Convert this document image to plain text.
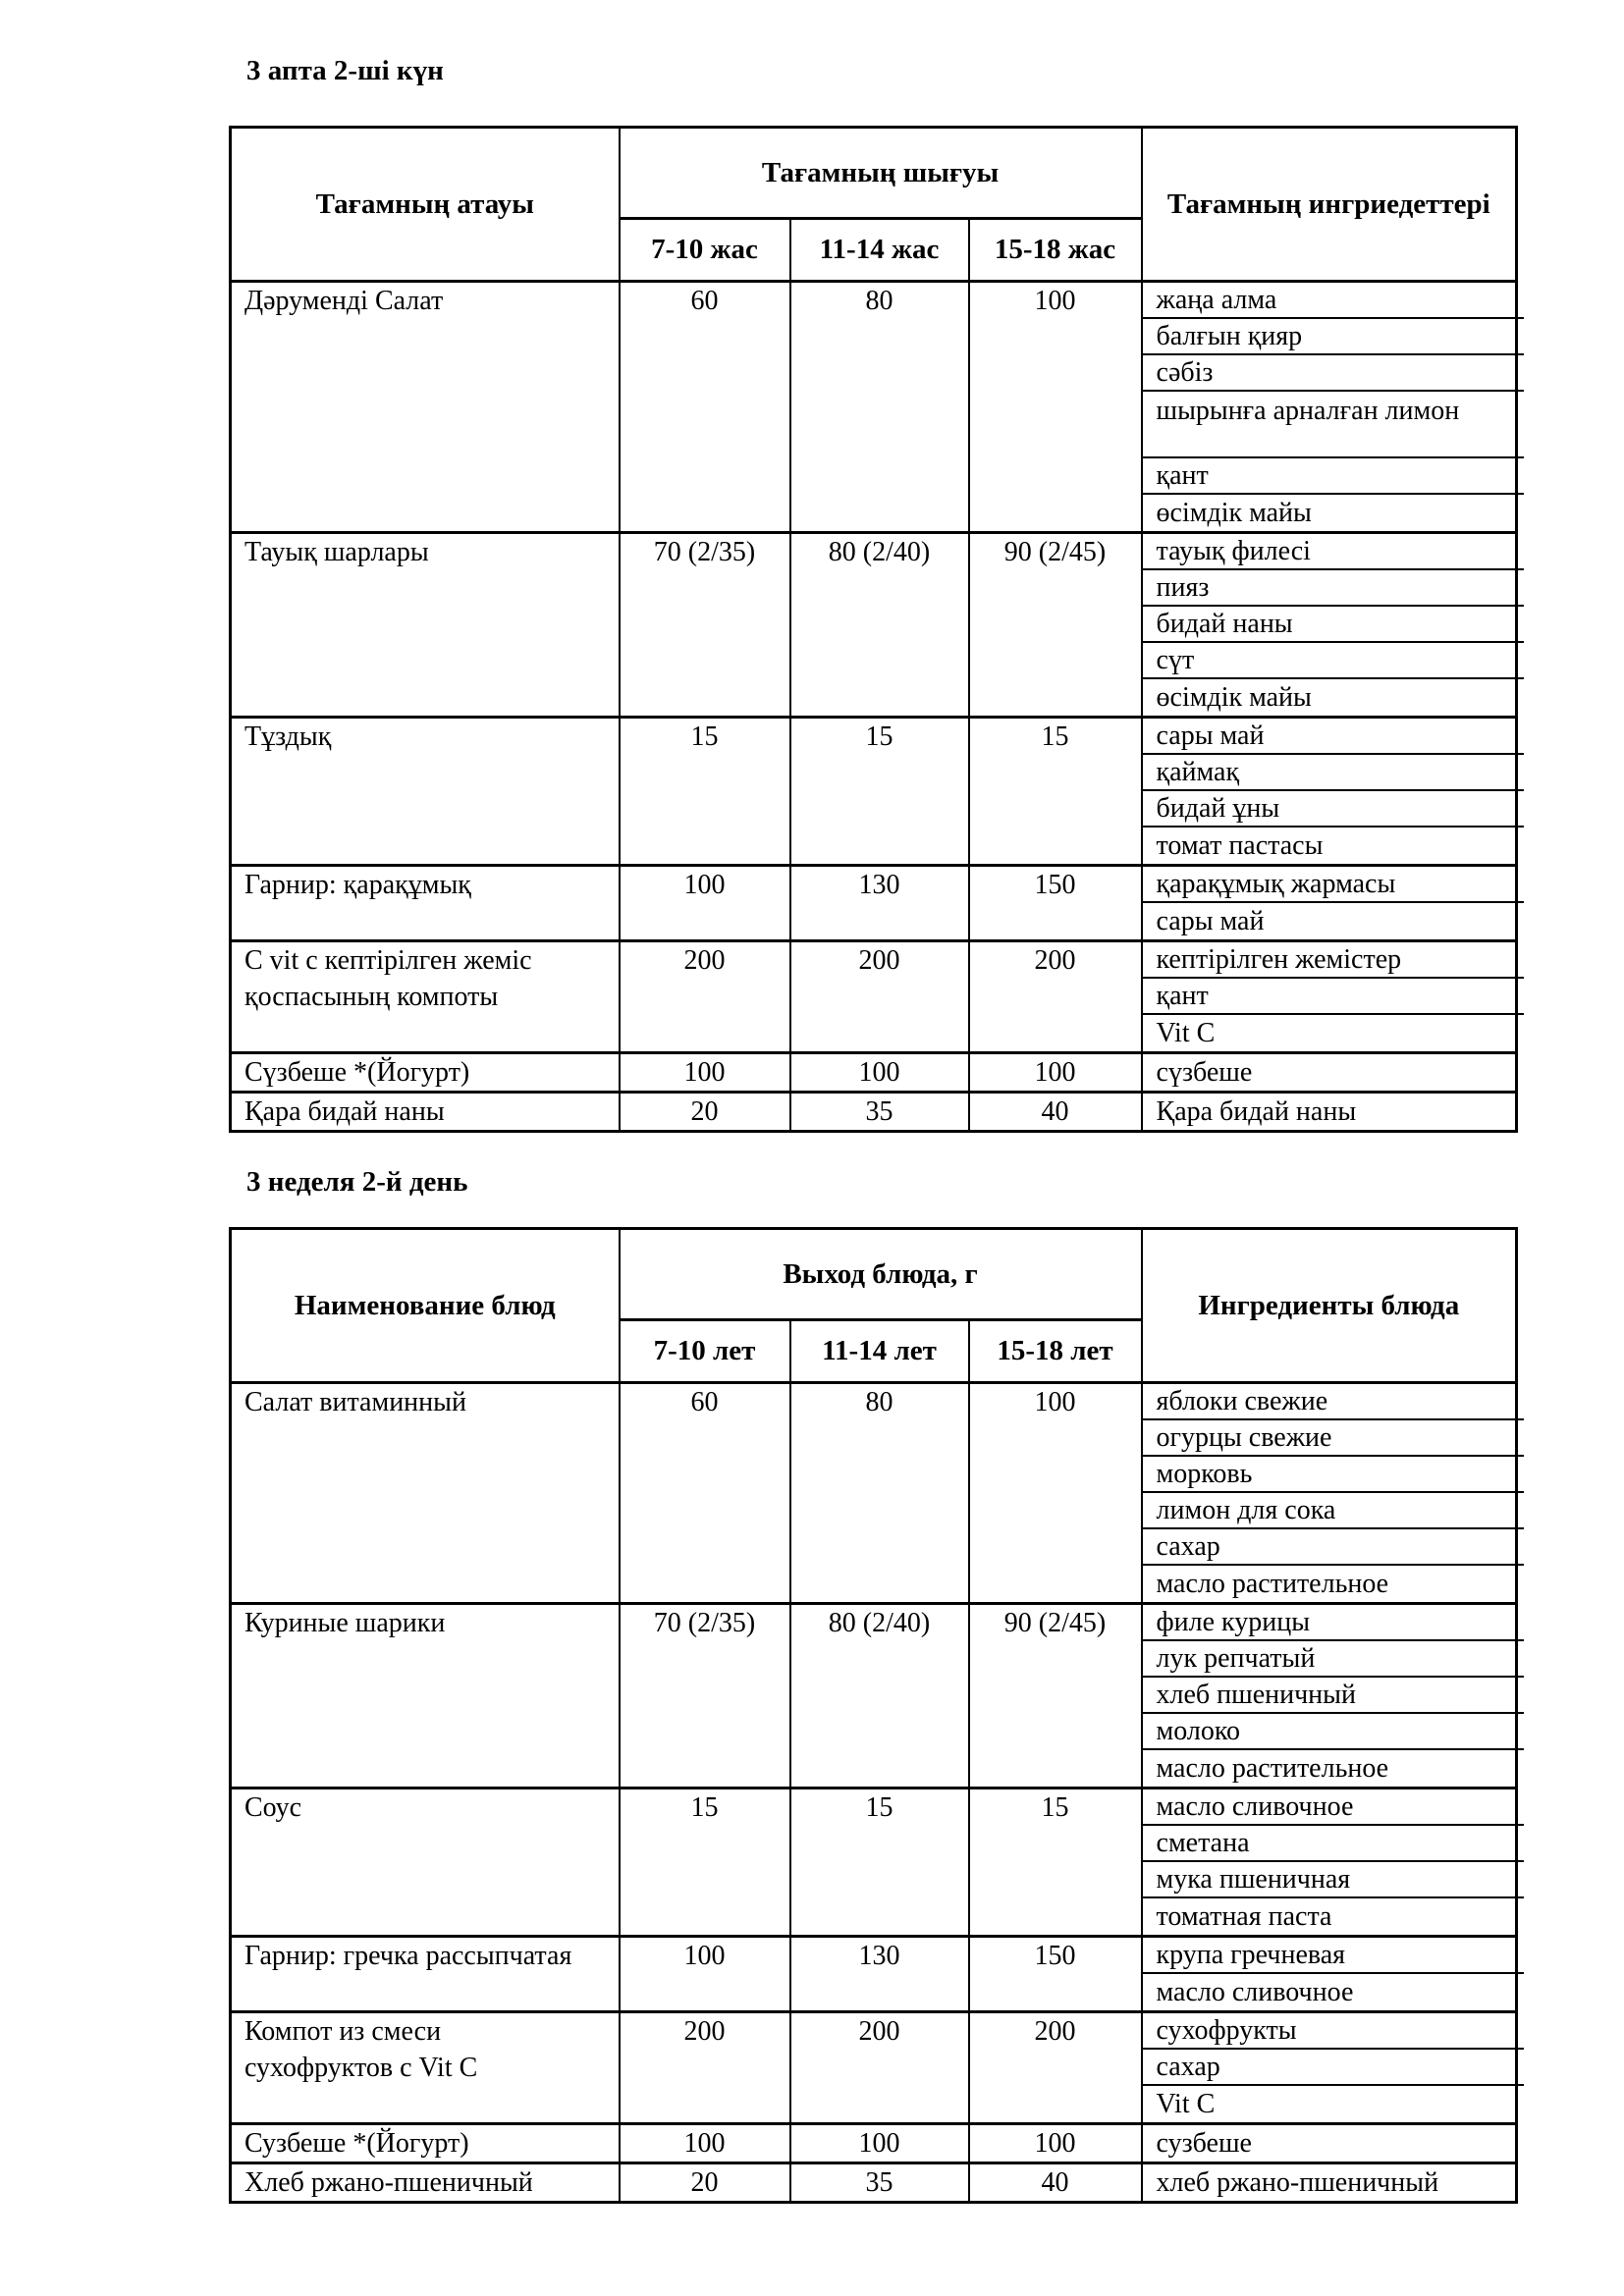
3 апта 2-ші күн
Тағамның атауы	Тағамның шығуы			Тағамның ингриедеттері
	7-10 жас	11-14 жас	15-18 жас	
Дәруменді Салат	60	80	100	жаңа алма
балғын қияр
сәбіз
шырынға арналған лимон
қант
өсімдік майы

Тауық шарлары	70 (2/35)	80 (2/40)	90 (2/45)	тауық филесі
пияз
бидай наны
сүт
өсімдік майы

Тұздық	15	15	15	сары май
қаймақ
бидай ұны
томат пастасы

Гарнир: қарақұмық	100	130	150	қарақұмық жармасы
сары май

С vit с кептірілген жеміс қоспасының компоты	200	200	200	кептірілген жемістер
қант
Vit C

Сүзбеше *(Йогурт)	100	100	100	сүзбеше

Қара бидай наны	20	35	40	Қара бидай наны
3 неделя 2-й день
Наименование блюд	Выход блюда, г			Ингредиенты блюда
	7-10 лет	11-14 лет	15-18 лет	
Салат витаминный	60	80	100	яблоки свежие
огурцы свежие
морковь
лимон для сока
сахар
масло растительное

Куриные шарики	70 (2/35)	80 (2/40)	90 (2/45)	филе курицы
лук репчатый
хлеб пшеничный
молоко
масло растительное

Соус	15	15	15	масло сливочное
сметана
мука пшеничная
томатная паста

Гарнир: гречка рассыпчатая	100	130	150	крупа гречневая
масло сливочное

Компот из смеси сухофруктов с Vit C	200	200	200	сухофрукты
сахар
Vit C

Сузбеше *(Йогурт)	100	100	100	сузбеше

Хлеб ржано-пшеничный	20	35	40	хлеб ржано-пшеничный
